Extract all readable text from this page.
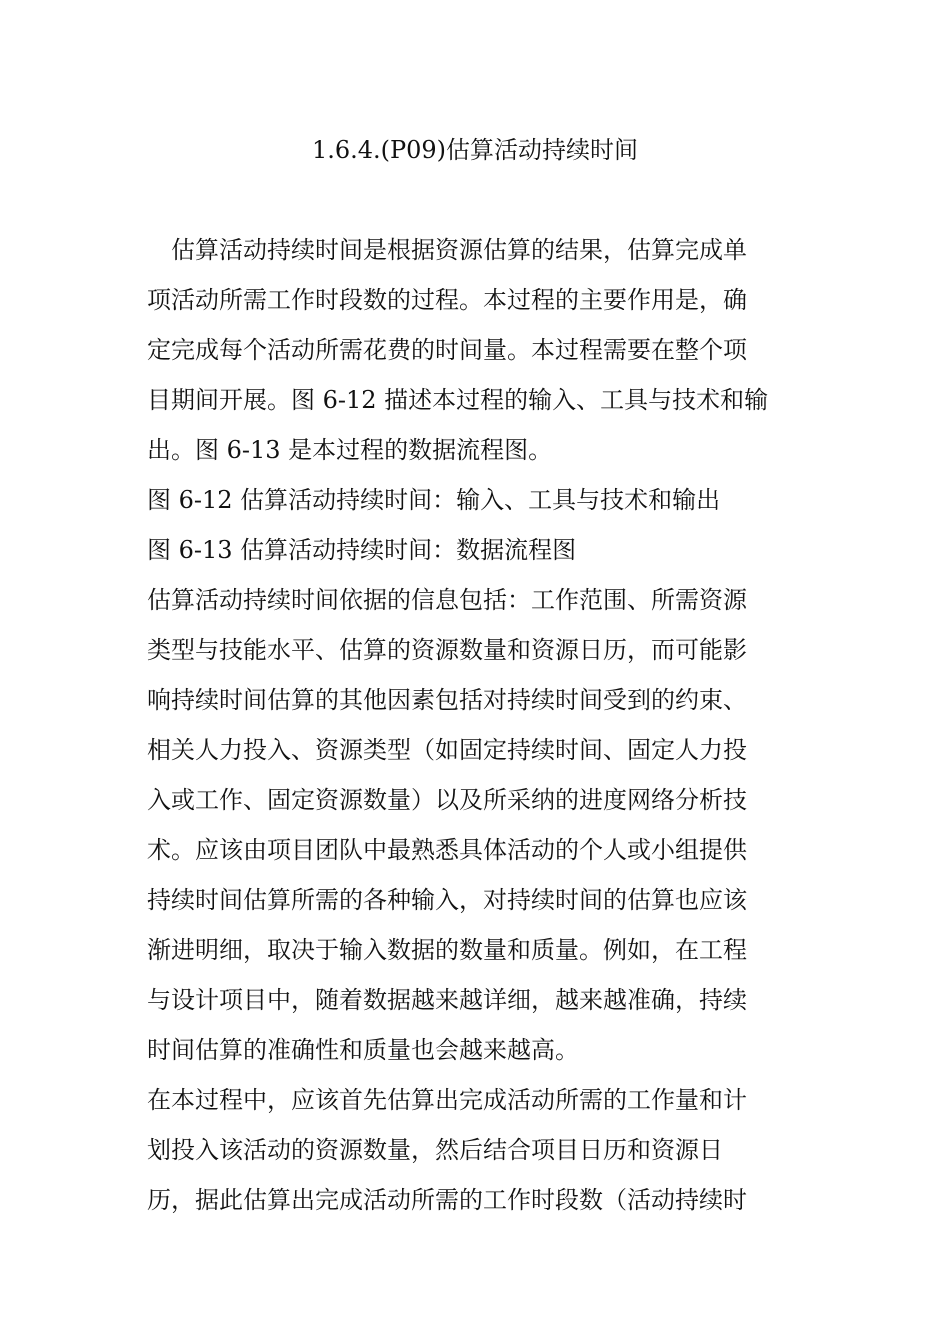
1.6.4.(P09)估算活动持续时间
　估算活动持续时间是根据资源估算的结果，估算完成单
项活动所需工作时段数的过程。本过程的主要作用是，确
定完成每个活动所需花费的时间量。本过程需要在整个项
目期间开展。图 6-12 描述本过程的输入、工具与技术和输
出。图 6-13 是本过程的数据流程图。
图 6-12 估算活动持续时间：输入、工具与技术和输出
图 6-13 估算活动持续时间：数据流程图
估算活动持续时间依据的信息包括：工作范围、所需资源
类型与技能水平、估算的资源数量和资源日历，而可能影
响持续时间估算的其他因素包括对持续时间受到的约束、
相关人力投入、资源类型（如固定持续时间、固定人力投
入或工作、固定资源数量）以及所采纳的进度网络分析技
术。应该由项目团队中最熟悉具体活动的个人或小组提供
持续时间估算所需的各种输入，对持续时间的估算也应该
渐进明细，取决于输入数据的数量和质量。例如，在工程
与设计项目中，随着数据越来越详细，越来越准确，持续
时间估算的准确性和质量也会越来越高。
在本过程中，应该首先估算出完成活动所需的工作量和计
划投入该活动的资源数量，然后结合项目日历和资源日
历，据此估算出完成活动所需的工作时段数（活动持续时
